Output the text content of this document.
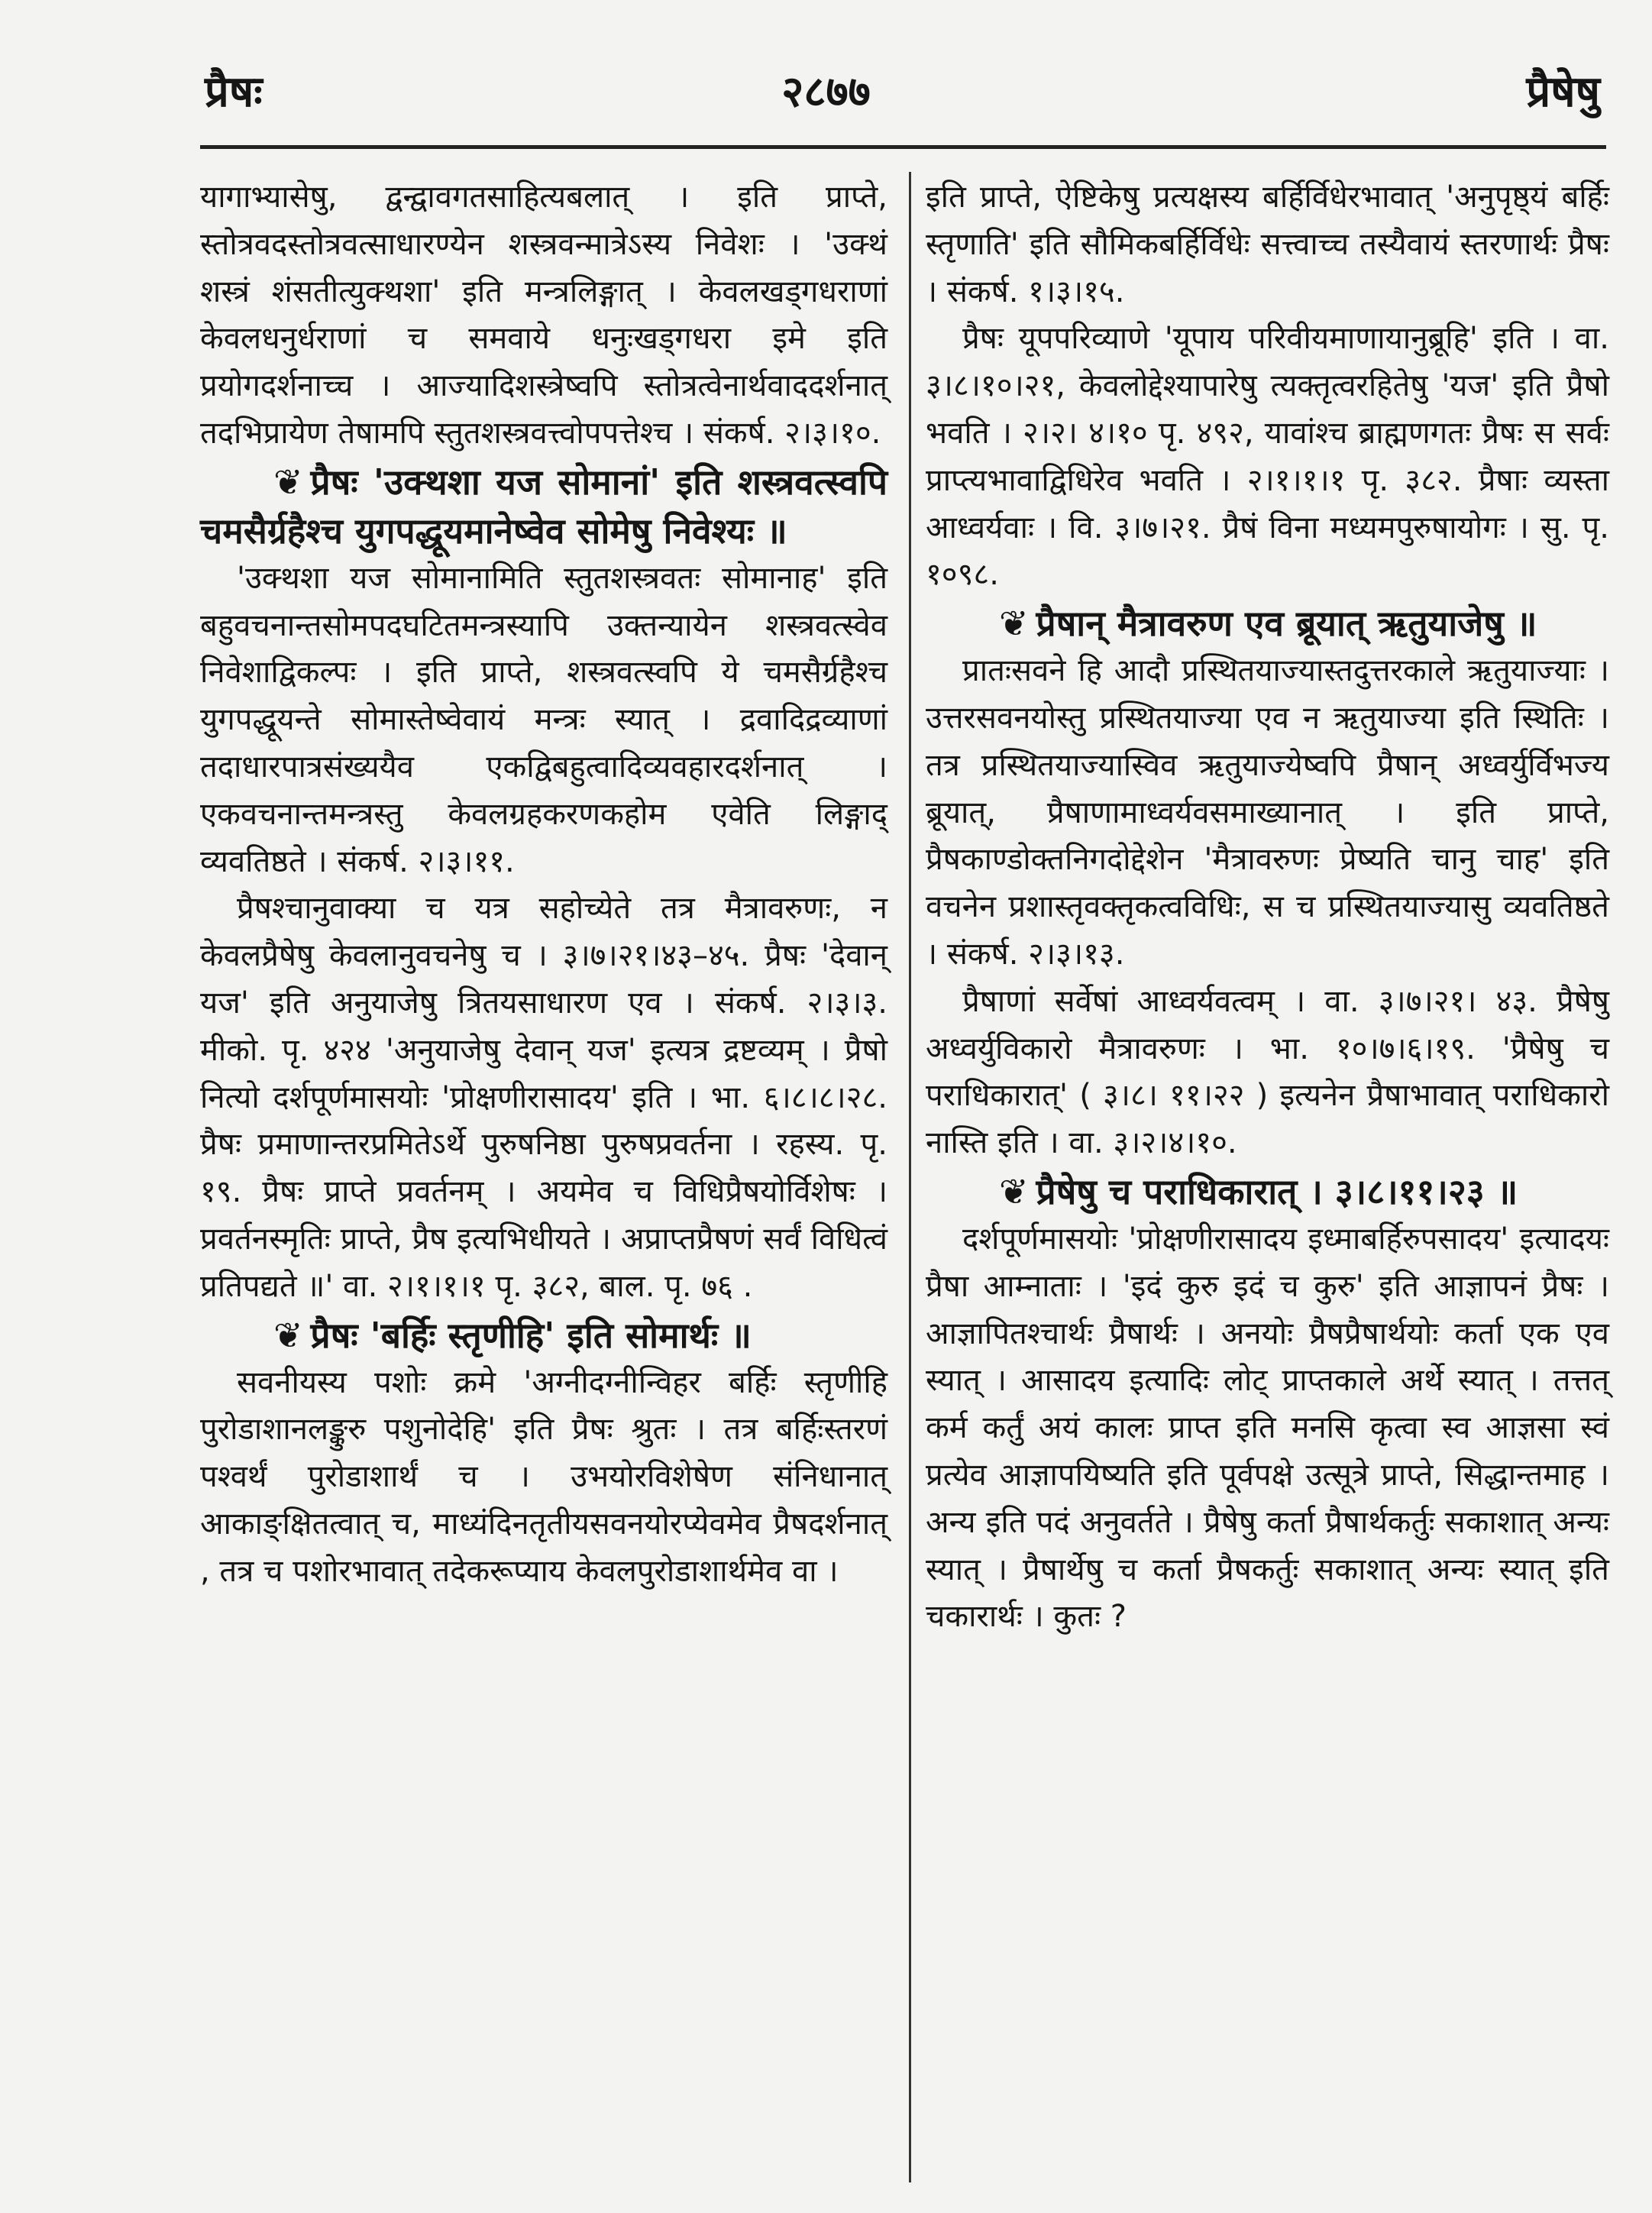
प्रैषः	२८७७	प्रैषेषु

यागाभ्यासेषु, द्वन्द्वावगतसाहित्यबलात् । इति प्राप्ते, स्तोत्रवदस्तोत्रवत्साधारण्येन शस्त्रवन्मात्रेऽस्य निवेशः । 'उक्थं शस्त्रं शंसतीत्युक्थशा' इति मन्त्रलिङ्गात् । केवलखड्गधराणां केवलधनुर्धराणां च समवाये धनुःखड्गधरा इमे इति प्रयोगदर्शनाच्च । आज्यादिशस्त्रेष्वपि स्तोत्रत्वेनार्थवाददर्शनात् तदभिप्रायेण तेषामपि स्तुतशस्त्रवत्त्वोपपत्तेश्च । संकर्ष. २।३।१०.

❦ प्रैषः 'उक्थशा यज सोमानां' इति शस्त्रवत्स्वपि चमसैर्ग्रहैश्च युगपद्धूयमानेष्वेव सोमेषु निवेश्यः ॥

'उक्थशा यज सोमानामिति स्तुतशस्त्रवतः सोमानाह' इति बहुवचनान्तसोमपदघटितमन्त्रस्यापि उक्तन्यायेन शस्त्रवत्स्वेव निवेशाद्विकल्पः । इति प्राप्ते, शस्त्रवत्स्वपि ये चमसैर्ग्रहैश्च युगपद्धूयन्ते सोमास्तेष्वेवायं मन्त्रः स्यात् । द्रवादिद्रव्याणां तदाधारपात्रसंख्ययैव एकद्विबहुत्वादिव्यवहारदर्शनात् । एकवचनान्तमन्त्रस्तु केवलग्रहकरणकहोम एवेति लिङ्गाद् व्यवतिष्ठते । संकर्ष. २।३।११.

प्रैषश्चानुवाक्या च यत्र सहोच्येते तत्र मैत्रावरुणः, न केवलप्रैषेषु केवलानुवचनेषु च । ३।७।२१।४३–४५. प्रैषः 'देवान् यज' इति अनुयाजेषु त्रितयसाधारण एव । संकर्ष. २।३।३. मीको. पृ. ४२४ 'अनुयाजेषु देवान् यज' इत्यत्र द्रष्टव्यम् । प्रैषो नित्यो दर्शपूर्णमासयोः 'प्रोक्षणीरासादय' इति । भा. ६।८।८।२८. प्रैषः प्रमाणान्तरप्रमितेऽर्थे पुरुषनिष्ठा पुरुषप्रवर्तना । रहस्य. पृ. १९. प्रैषः प्राप्ते प्रवर्तनम् । अयमेव च विधिप्रैषयोर्विशेषः । प्रवर्तनस्मृतिः प्राप्ते, प्रैष इत्यभिधीयते । अप्राप्तप्रैषणं सर्वं विधित्वं प्रतिपद्यते ॥' वा. २।१।१।१ पृ. ३८२, बाल. पृ. ७६ .

❦ प्रैषः 'बर्हिः स्तृणीहि' इति सोमार्थः ॥

सवनीयस्य पशोः क्रमे 'अग्नीदग्नीन्विहर बर्हिः स्तृणीहि पुरोडाशानलङ्कुरु पशुनोदेहि' इति प्रैषः श्रुतः । तत्र बर्हिःस्तरणं पश्वर्थं पुरोडाशार्थं च । उभयोरविशेषेण संनिधानात् आकाङ्क्षितत्वात् च, माध्यंदिनतृतीयसवनयोरप्येवमेव प्रैषदर्शनात् , तत्र च पशोरभावात् तदेकरूप्याय केवलपुरोडाशार्थमेव वा ।

इति प्राप्ते, ऐष्टिकेषु प्रत्यक्षस्य बर्हिर्विधेरभावात् 'अनुपृष्ठ्यं बर्हिः स्तृणाति' इति सौमिकबर्हिर्विधेः सत्त्वाच्च तस्यैवायं स्तरणार्थः प्रैषः । संकर्ष. १।३।१५.

प्रैषः यूपपरिव्याणे 'यूपाय परिवीयमाणायानुब्रूहि' इति । वा. ३।८।१०।२१, केवलोद्देश्यापारेषु त्यक्तृत्वरहितेषु 'यज' इति प्रैषो भवति । २।२। ४।१० पृ. ४९२, यावांश्च ब्राह्मणगतः प्रैषः स सर्वः प्राप्त्यभावाद्विधिरेव भवति । २।१।१।१ पृ. ३८२. प्रैषाः व्यस्ता आध्वर्यवाः । वि. ३।७।२१. प्रैषं विना मध्यमपुरुषायोगः । सु. पृ. १०९८.

❦ प्रैषान् मैत्रावरुण एव ब्रूयात् ऋतुयाजेषु ॥

प्रातःसवने हि आदौ प्रस्थितयाज्यास्तदुत्तरकाले ऋतुयाज्याः । उत्तरसवनयोस्तु प्रस्थितयाज्या एव न ऋतुयाज्या इति स्थितिः । तत्र प्रस्थितयाज्यास्विव ऋतुयाज्येष्वपि प्रैषान् अध्वर्युर्विभज्य ब्रूयात्, प्रैषाणामाध्वर्यवसमाख्यानात् । इति प्राप्ते, प्रैषकाण्डोक्तनिगदोद्देशेन 'मैत्रावरुणः प्रेष्यति चानु चाह' इति वचनेन प्रशास्तृवक्तृकत्वविधिः, स च प्रस्थितयाज्यासु व्यवतिष्ठते । संकर्ष. २।३।१३.

प्रैषाणां सर्वेषां आध्वर्यवत्वम् । वा. ३।७।२१। ४३. प्रैषेषु अध्वर्युविकारो मैत्रावरुणः । भा. १०।७।६।१९. 'प्रैषेषु च पराधिकारात्' ( ३।८। ११।२२ ) इत्यनेन प्रैषाभावात् पराधिकारो नास्ति इति । वा. ३।२।४।१०.

❦ प्रैषेषु च पराधिकारात् । ३।८।११।२३ ॥

दर्शपूर्णमासयोः 'प्रोक्षणीरासादय इध्माबर्हिरुपसादय' इत्यादयः प्रैषा आम्नाताः । 'इदं कुरु इदं च कुरु' इति आज्ञापनं प्रैषः । आज्ञापितश्चार्थः प्रैषार्थः । अनयोः प्रैषप्रैषार्थयोः कर्ता एक एव स्यात् । आसादय इत्यादिः लोट् प्राप्तकाले अर्थे स्यात् । तत्तत् कर्म कर्तुं अयं कालः प्राप्त इति मनसि कृत्वा स्व आज्ञसा स्वं प्रत्येव आज्ञापयिष्यति इति पूर्वपक्षे उत्सूत्रे प्राप्ते, सिद्धान्तमाह । अन्य इति पदं अनुवर्तते । प्रैषेषु कर्ता प्रैषार्थकर्तुः सकाशात् अन्यः स्यात् । प्रैषार्थेषु च कर्ता प्रैषकर्तुः सकाशात् अन्यः स्यात् इति चकारार्थः । कुतः ?
